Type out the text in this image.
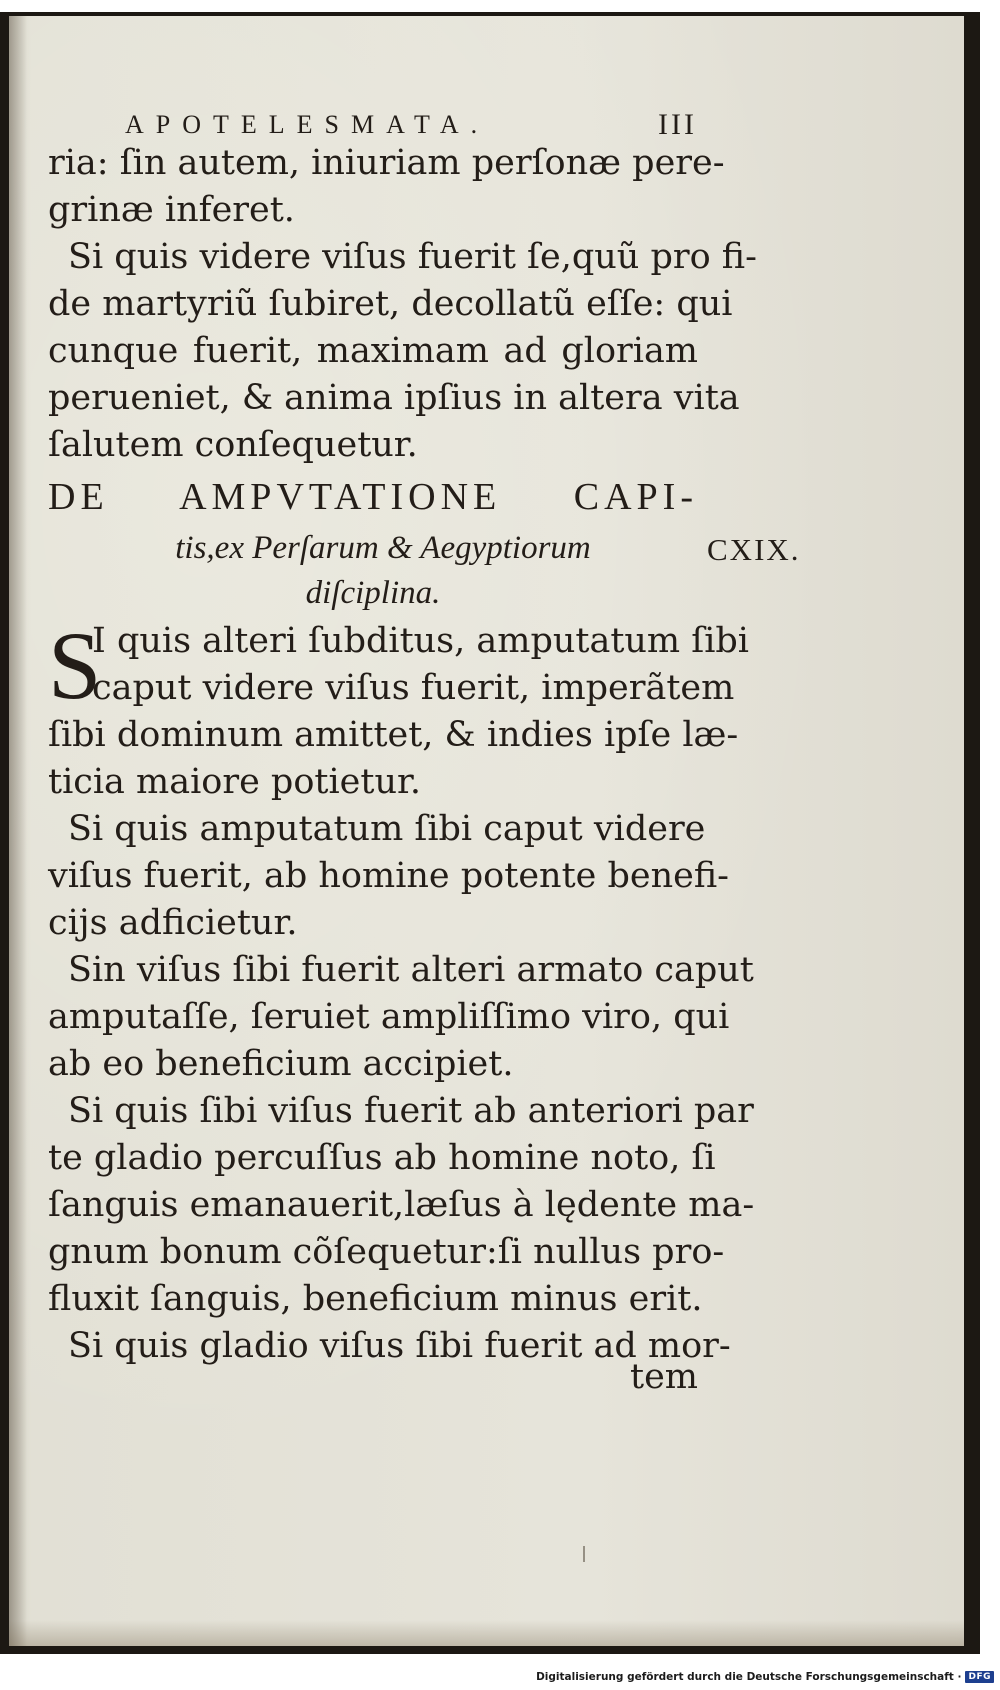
APOTELESMATA.	III
ria: ſin autem, iniuriam perſonæ pere-
grinæ inferet.
Si quis videre viſus fuerit ſe,quũ pro fi-
de martyriũ ſubiret, decollatũ eſſe: qui
cunque fuerit, maximam ad gloriam
perueniet, & anima ipſius in altera vita
ſalutem conſequetur.
DE AMPVTATIONE CAPI-
tis,ex Perſarum & Aegyptiorum
diſciplina.
CXIX.
S
I quis alteri ſubditus, amputatum ſibi
caput videre viſus fuerit, imperãtem
ſibi dominum amittet, & indies ipſe læ-
ticia maiore potietur.
Si quis amputatum ſibi caput videre
viſus fuerit, ab homine potente benefi-
cijs adficietur.
Sin viſus ſibi fuerit alteri armato caput
amputaſſe, ſeruiet ampliſſimo viro, qui
ab eo beneficium accipiet.
Si quis ſibi viſus fuerit ab anteriori par
te gladio percuſſus ab homine noto, ſi
ſanguis emanauerit,læſus à lędente ma-
gnum bonum cõſequetur:ſi nullus pro-
fluxit ſanguis, beneficium minus erit.
Si quis gladio viſus ſibi fuerit ad mor-
tem
Digitalisierung gefördert durch die Deutsche Forschungsgemeinschaft · DFG
